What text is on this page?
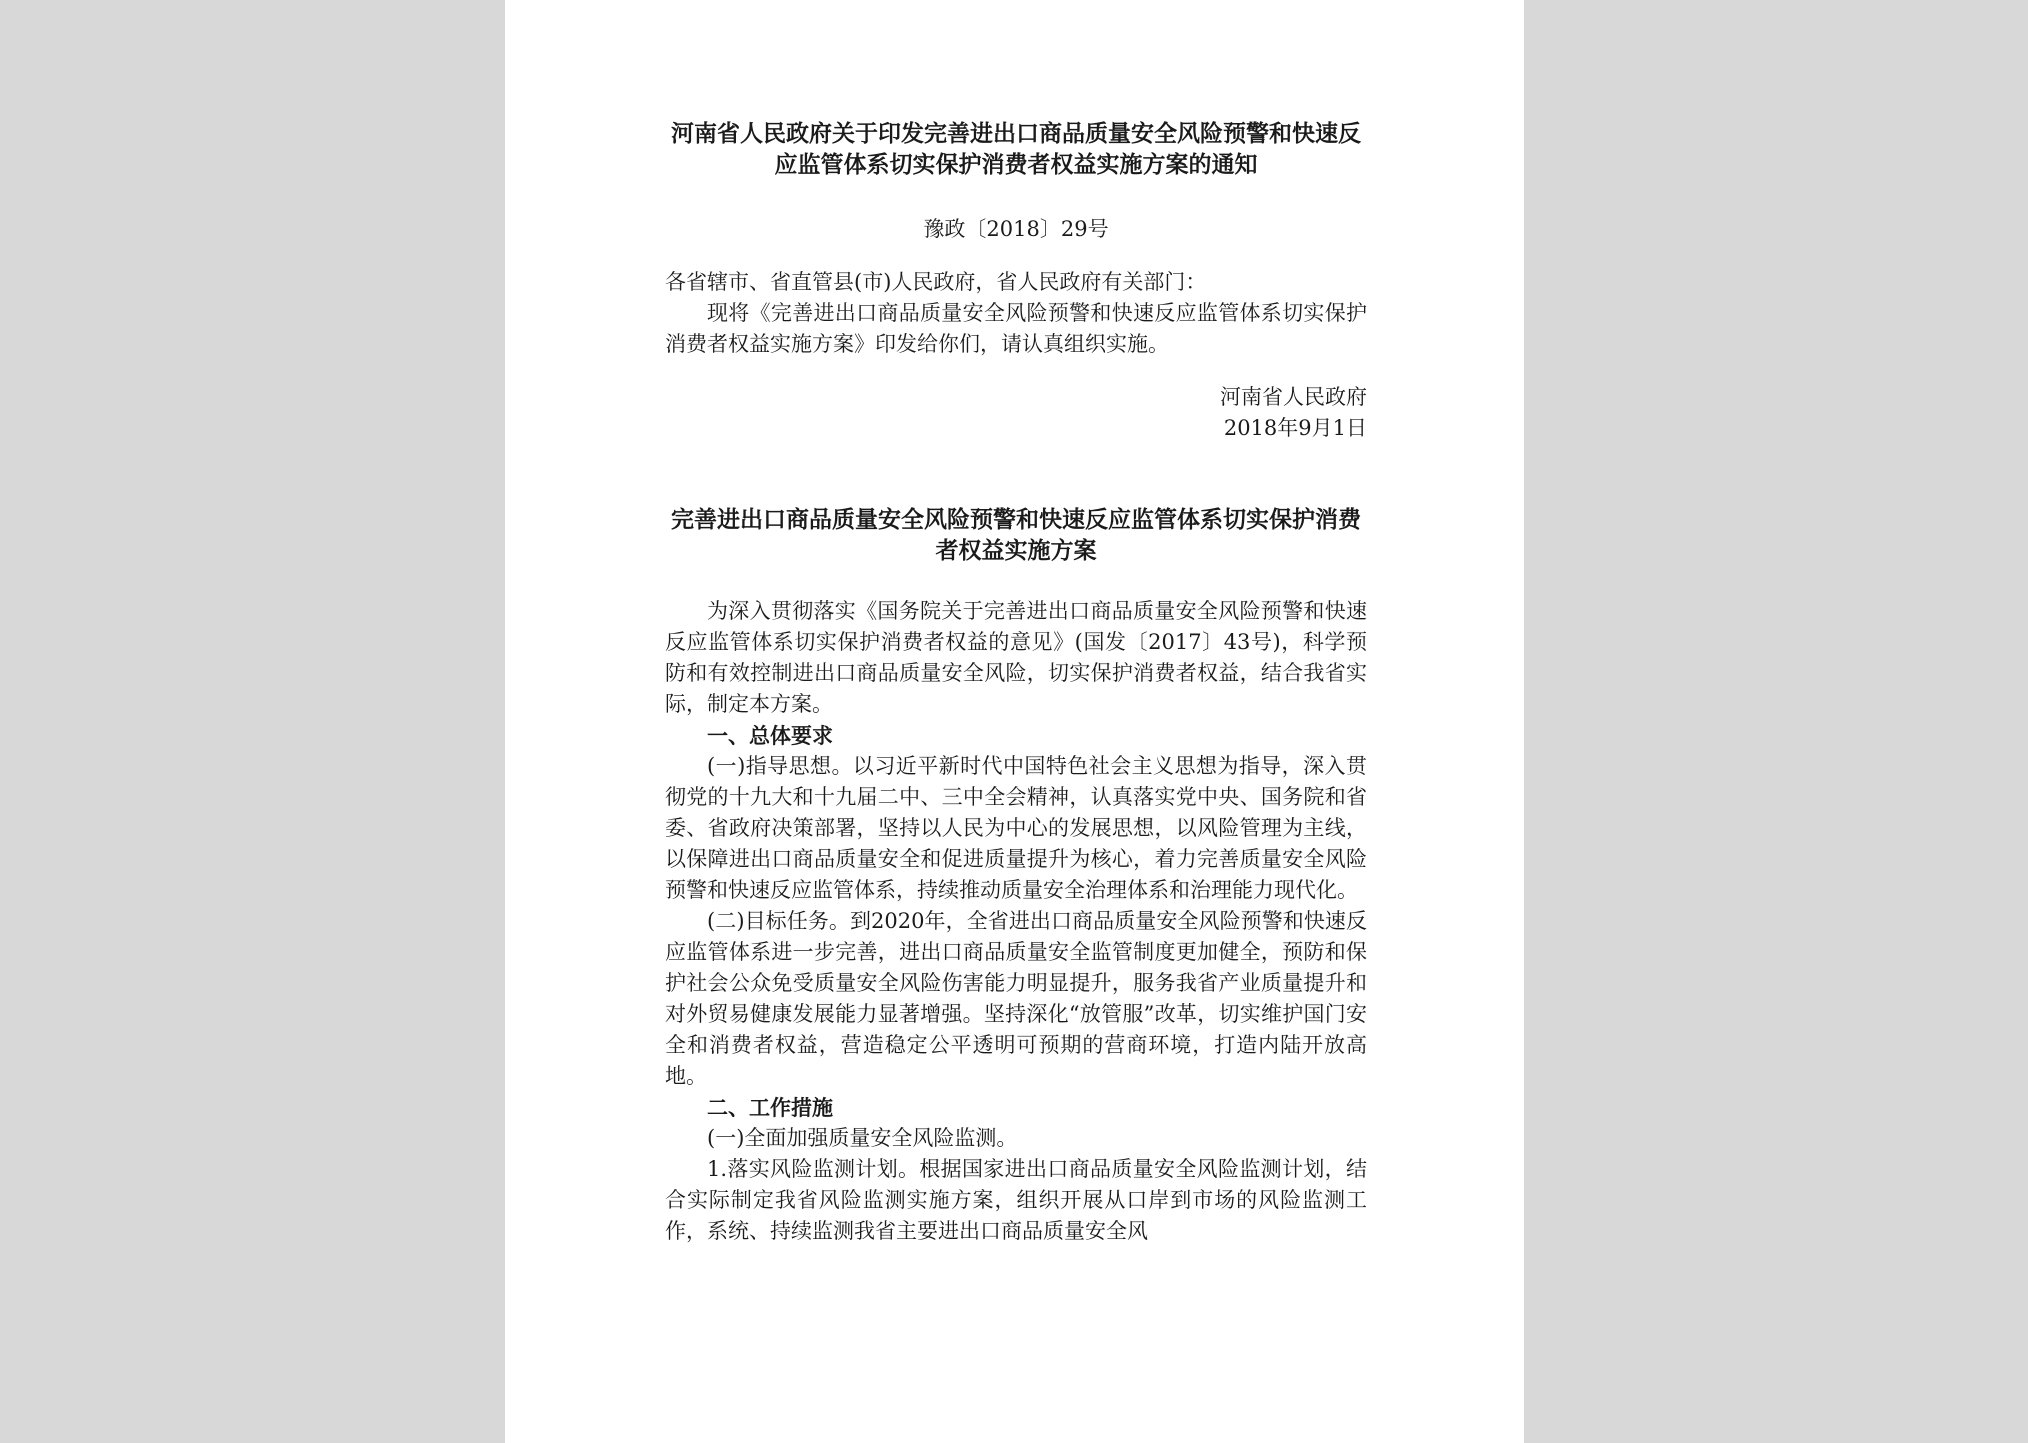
河南省人民政府关于印发完善进出口商品质量安全风险预警和快速反应监管体系切实保护消费者权益实施方案的通知

豫政〔2018〕29号

各省辖市、省直管县(市)人民政府，省人民政府有关部门：

现将《完善进出口商品质量安全风险预警和快速反应监管体系切实保护消费者权益实施方案》印发给你们，请认真组织实施。

河南省人民政府

2018年9月1日

完善进出口商品质量安全风险预警和快速反应监管体系切实保护消费者权益实施方案

为深入贯彻落实《国务院关于完善进出口商品质量安全风险预警和快速反应监管体系切实保护消费者权益的意见》(国发〔2017〕43号)，科学预防和有效控制进出口商品质量安全风险，切实保护消费者权益，结合我省实际，制定本方案。

一、总体要求

(一)指导思想。以习近平新时代中国特色社会主义思想为指导，深入贯彻党的十九大和十九届二中、三中全会精神，认真落实党中央、国务院和省委、省政府决策部署，坚持以人民为中心的发展思想，以风险管理为主线，以保障进出口商品质量安全和促进质量提升为核心，着力完善质量安全风险预警和快速反应监管体系，持续推动质量安全治理体系和治理能力现代化。

(二)目标任务。到2020年，全省进出口商品质量安全风险预警和快速反应监管体系进一步完善，进出口商品质量安全监管制度更加健全，预防和保护社会公众免受质量安全风险伤害能力明显提升，服务我省产业质量提升和对外贸易健康发展能力显著增强。坚持深化“放管服”改革，切实维护国门安全和消费者权益，营造稳定公平透明可预期的营商环境，打造内陆开放高地。

二、工作措施

(一)全面加强质量安全风险监测。

1.落实风险监测计划。根据国家进出口商品质量安全风险监测计划，结合实际制定我省风险监测实施方案，组织开展从口岸到市场的风险监测工作，系统、持续监测我省主要进出口商品质量安全风
